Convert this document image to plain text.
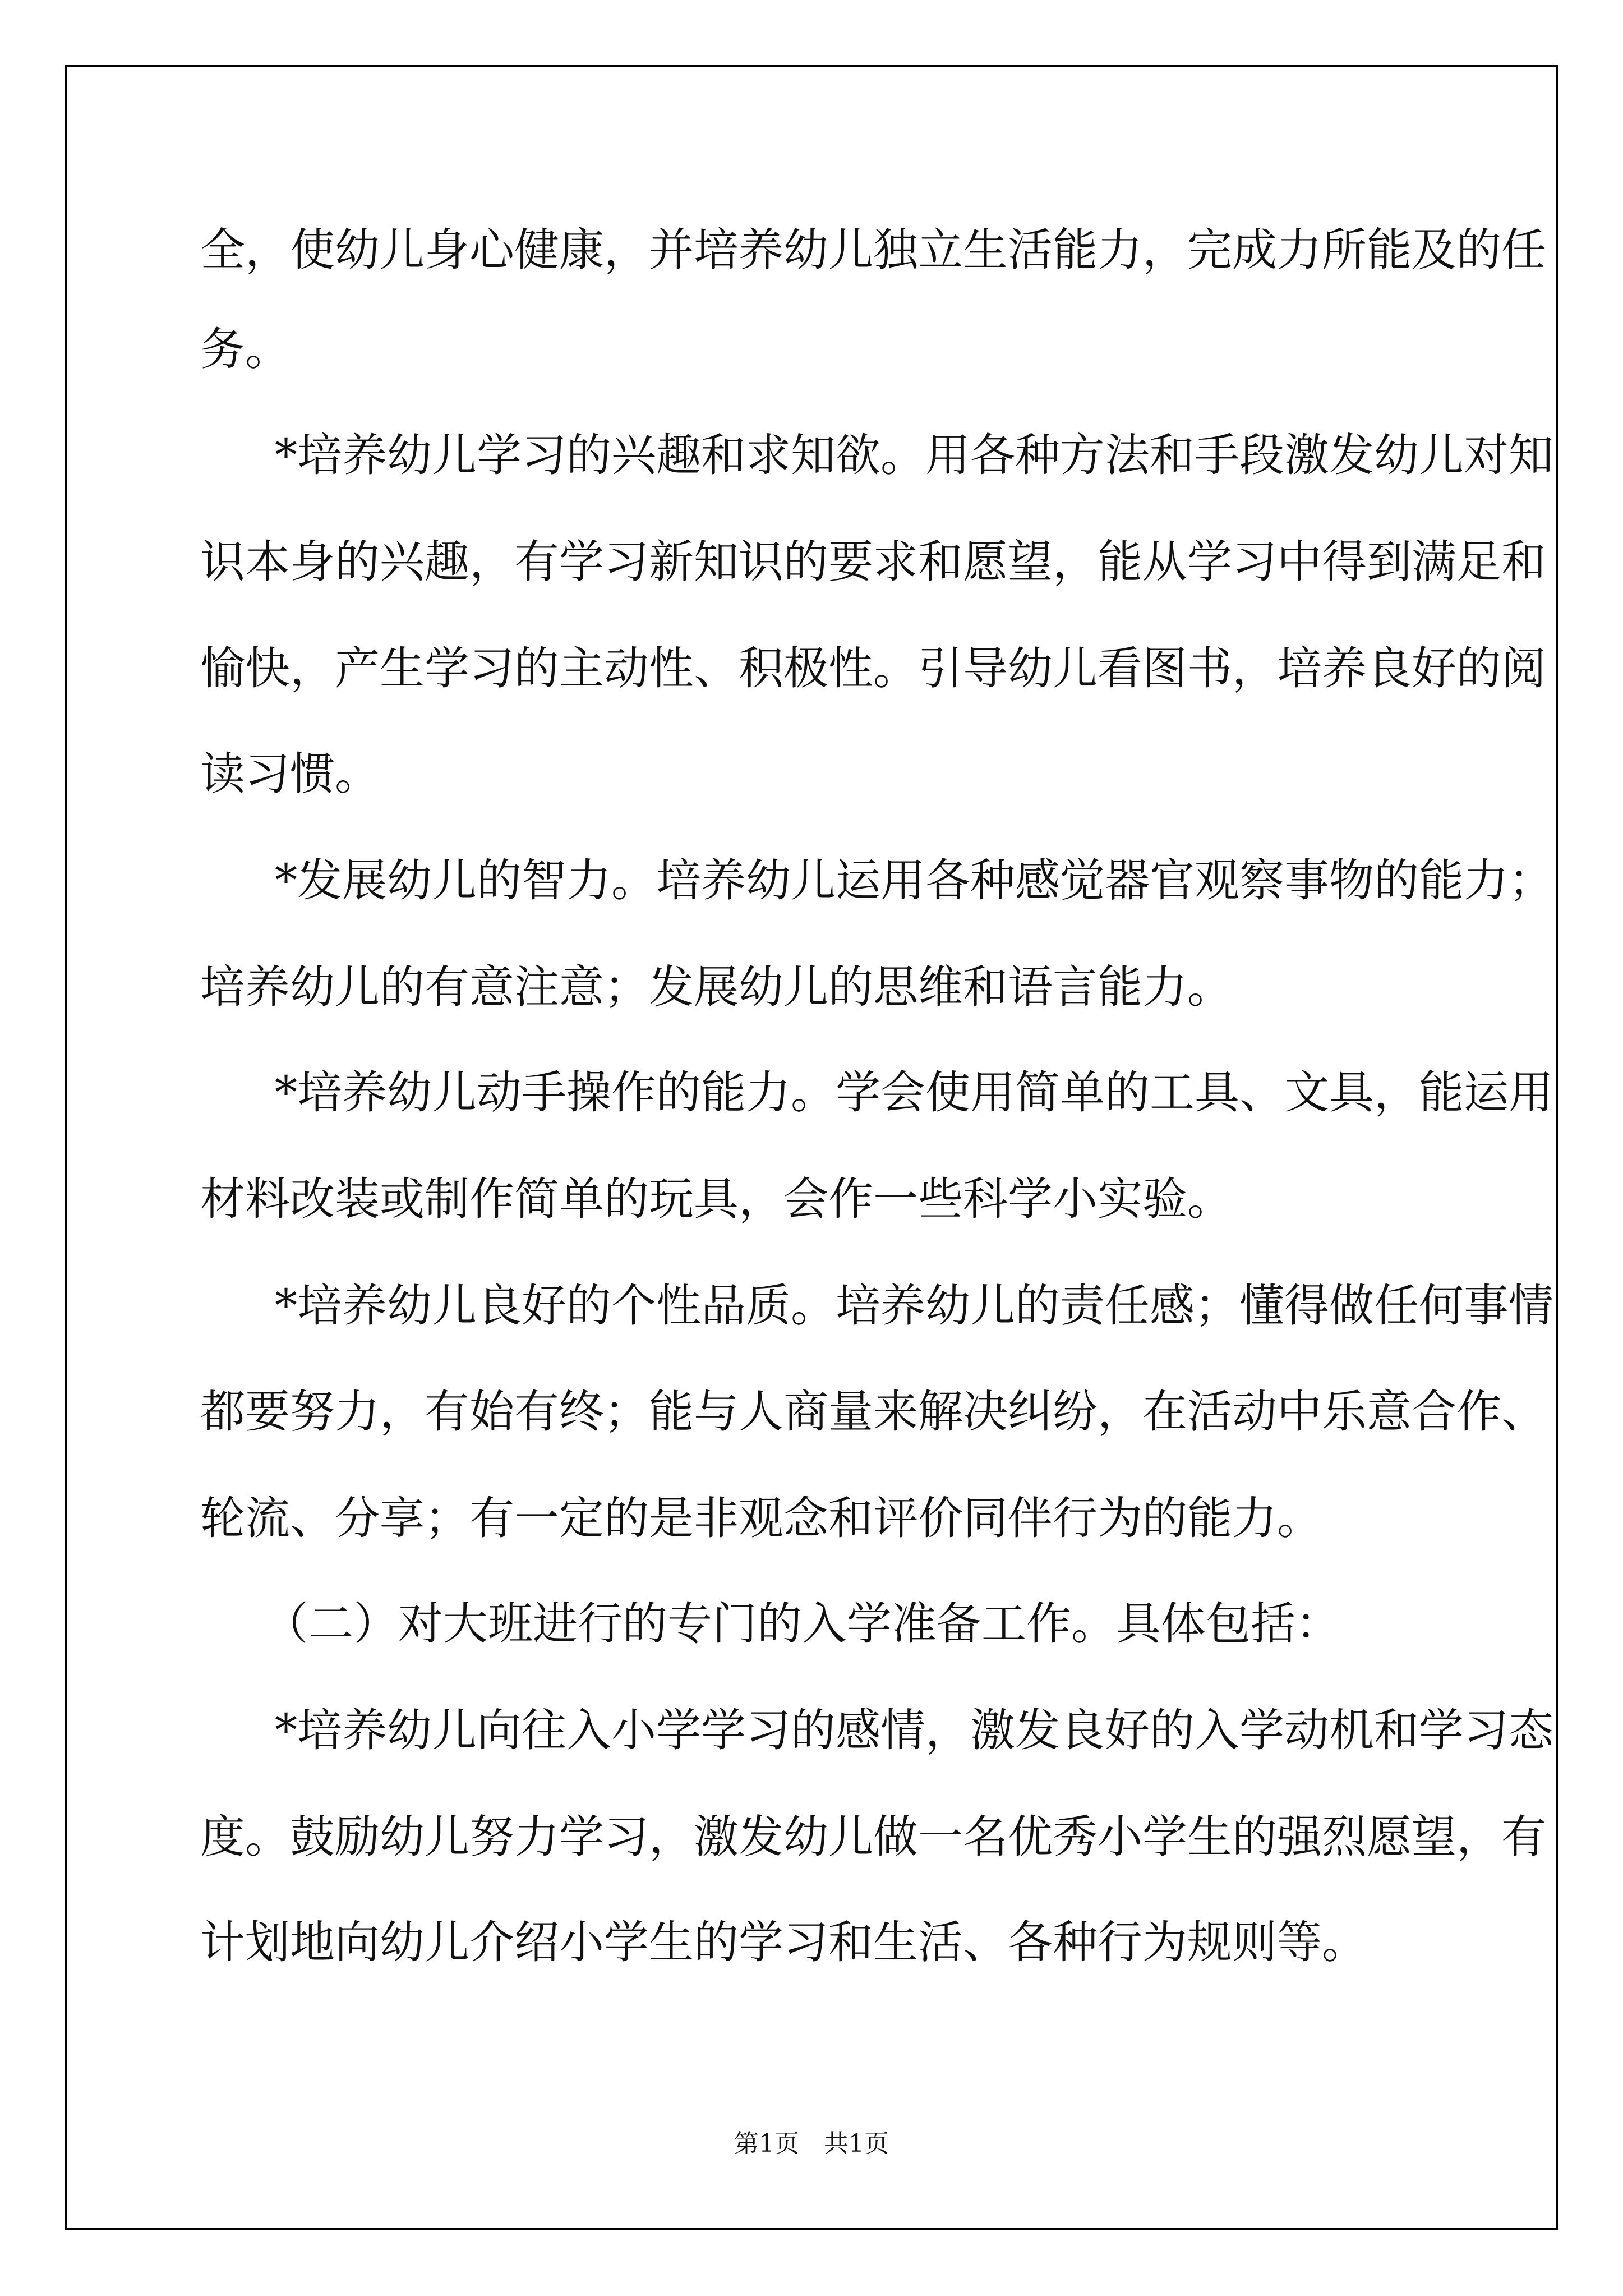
全，使幼儿身心健康，并培养幼儿独立生活能力，完成力所能及的任

务。

*培养幼儿学习的兴趣和求知欲。用各种方法和手段激发幼儿对知

识本身的兴趣，有学习新知识的要求和愿望，能从学习中得到满足和

愉快，产生学习的主动性、积极性。引导幼儿看图书，培养良好的阅

读习惯。

*发展幼儿的智力。培养幼儿运用各种感觉器官观察事物的能力；

培养幼儿的有意注意；发展幼儿的思维和语言能力。

*培养幼儿动手操作的能力。学会使用简单的工具、文具，能运用

材料改装或制作简单的玩具，会作一些科学小实验。

*培养幼儿良好的个性品质。培养幼儿的责任感；懂得做任何事情

都要努力，有始有终；能与人商量来解决纠纷，在活动中乐意合作、

轮流、分享；有一定的是非观念和评价同伴行为的能力。

（二）对大班进行的专门的入学准备工作。具体包括：

*培养幼儿向往入小学学习的感情，激发良好的入学动机和学习态

度。鼓励幼儿努力学习，激发幼儿做一名优秀小学生的强烈愿望，有

计划地向幼儿介绍小学生的学习和生活、各种行为规则等。

第1页　共1页
